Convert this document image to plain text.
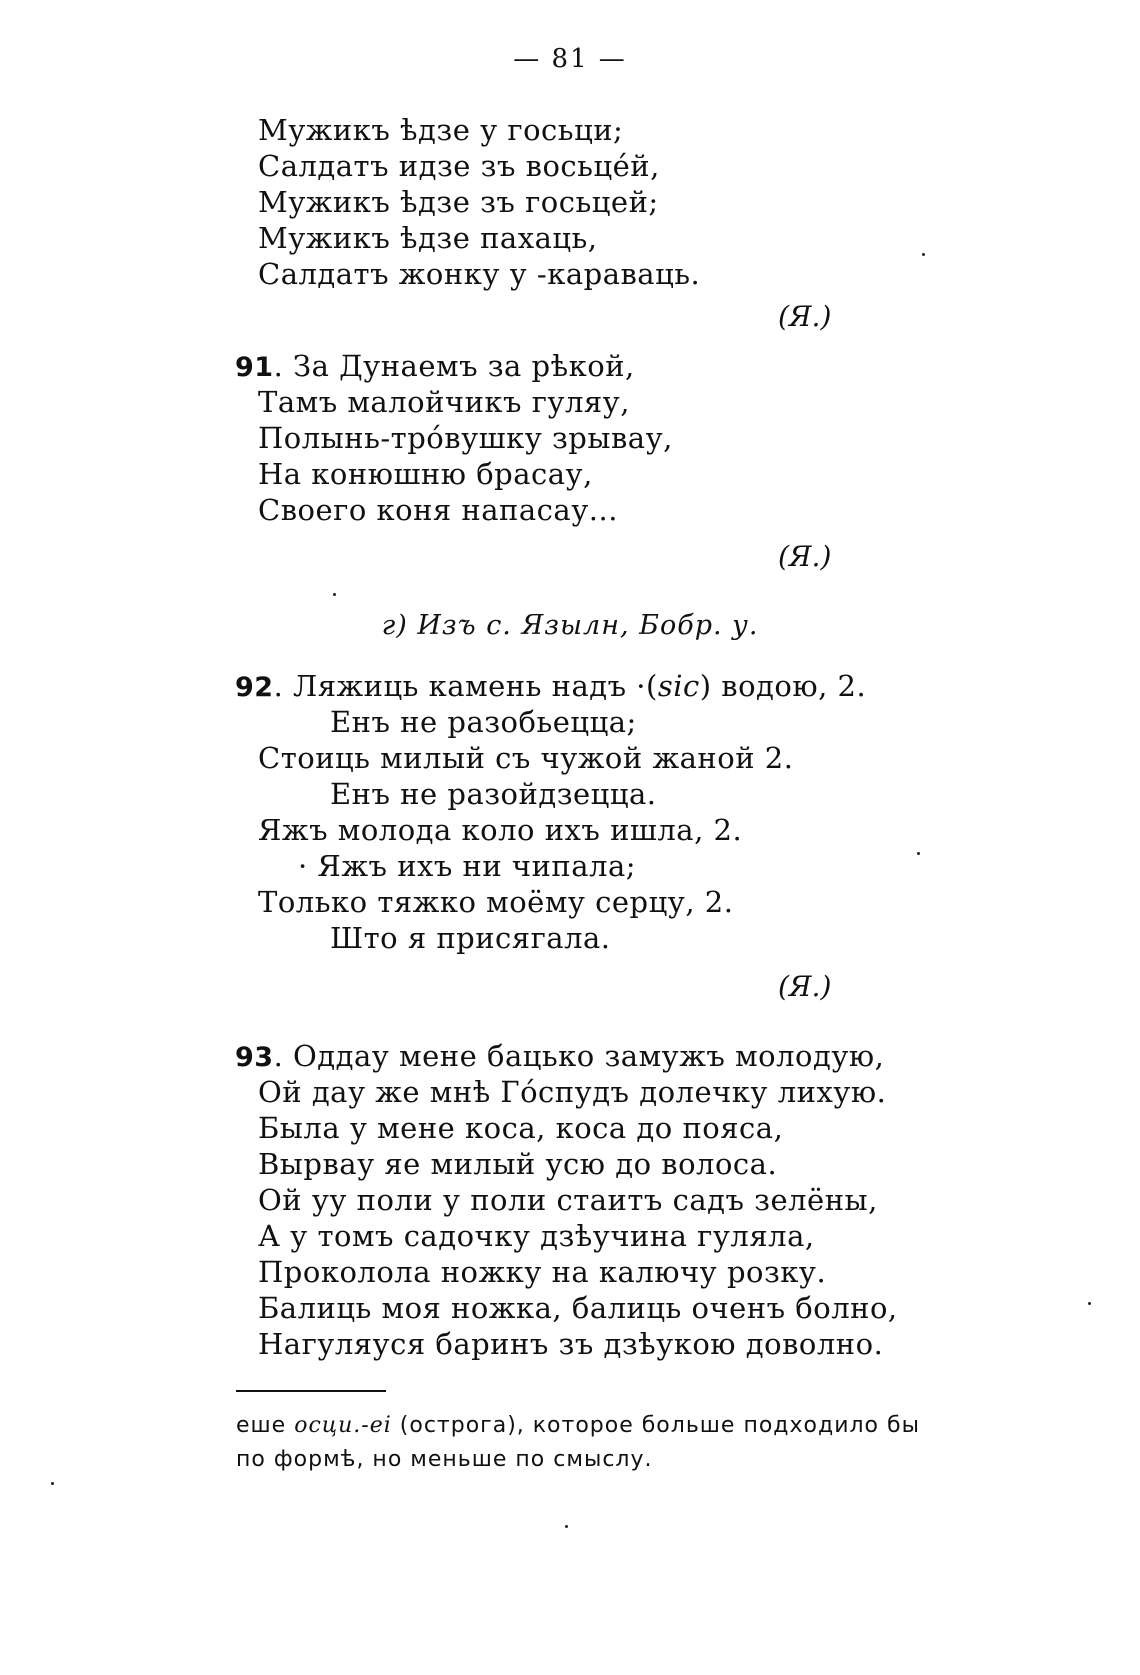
— 81 —
Мужикъ ѣдзе у госьци;
Салдатъ идзе зъ восьцéй,
Мужикъ ѣдзе зъ госьцей;
Мужикъ ѣдзе пахаць,
Салдатъ жонку у -караваць.
(Я.)
91. За Дунаемъ за рѣкой,
Тамъ малойчикъ гуляу,
Полынь-трóвушку зрывау,
На конюшню брасау,
Своего коня напасау...
(Я.)
г) Изъ с. Язылн, Бобр. у.
92. Ляжиць камень надъ ·(sic) водою, 2.
Енъ не разобьецца;
Стоиць милый съ чужой жаной 2.
Енъ не разойдзецца.
Яжъ молода коло ихъ ишла, 2.
· Яжъ ихъ ни чипала;
Только тяжко моёму серцу, 2.
Што я присягала.
(Я.)
93. Оддау мене бацько замужъ молодую,
Ой дау же мнѣ Гóспудъ долечку лихую.
Была у мене коса, коса до пояса,
Вырвау яе милый усю до волоса.
Ой уу поли у поли стаитъ садъ зелёны,
А у томъ садочку дзѣучина гуляла,
Проколола ножку на калючу розку.
Балиць моя ножка, балиць оченъ болно,
Нагуляуся баринъ зъ дзѣукою доволно.
еше осци.-ei (острога), которое больше подходило бы
по формѣ, но меньше по смыслу.
